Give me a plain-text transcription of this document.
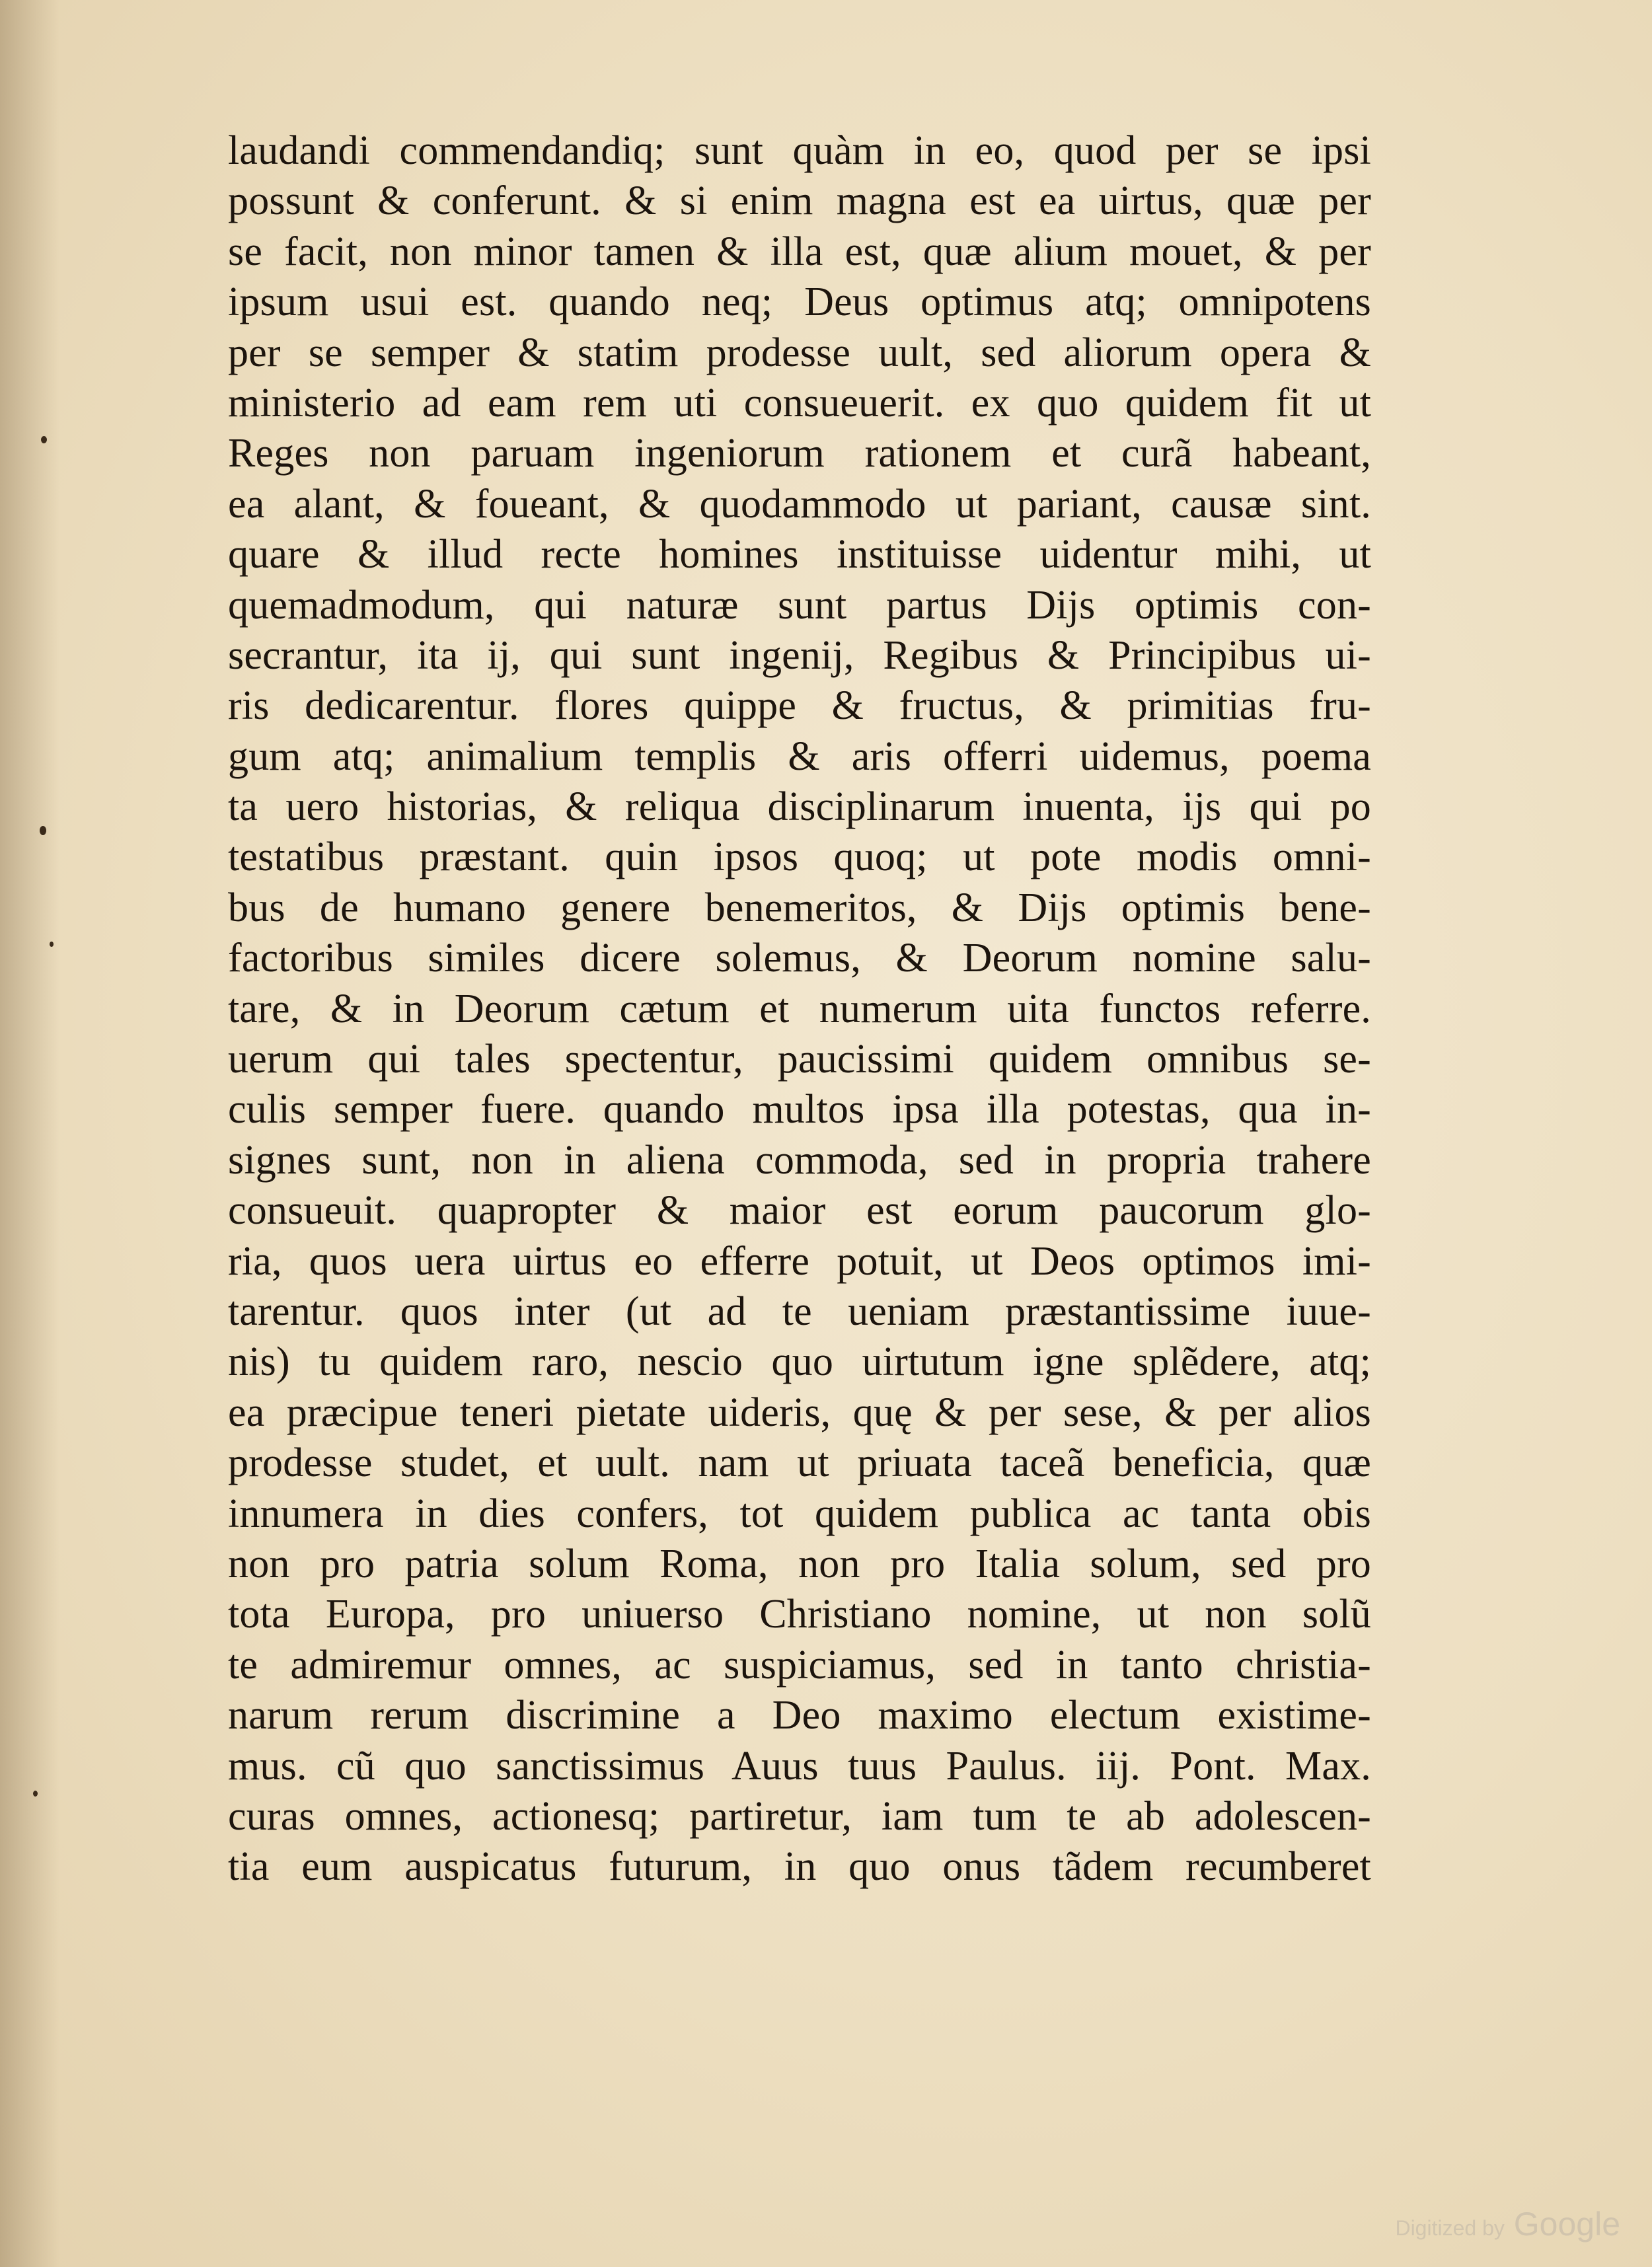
laudandi commendandiq; sunt quàm in eo, quod per se ipsi
possunt & conferunt. & si enim magna est ea uirtus, quæ per
se facit, non minor tamen & illa est, quæ alium mouet, & per
ipsum usui est. quando neq; Deus optimus atq; omnipotens
per se semper & statim prodesse uult, sed aliorum opera &
ministerio ad eam rem uti consueuerit. ex quo quidem fit ut
Reges non paruam ingeniorum rationem et curã habeant,
ea alant, & foueant, & quodammodo ut pariant, causæ sint.
quare & illud recte homines instituisse uidentur mihi, ut
quemadmodum, qui naturæ sunt partus Dijs optimis con-
secrantur, ita ij, qui sunt ingenij, Regibus & Principibus ui-
ris dedicarentur. flores quippe & fructus, & primitias fru-
gum atq; animalium templis & aris offerri uidemus, poema
ta uero historias, & reliqua disciplinarum inuenta, ijs qui po
testatibus præstant. quin ipsos quoq; ut pote modis omni-
bus de humano genere benemeritos, & Dijs optimis bene-
factoribus similes dicere solemus, & Deorum nomine salu-
tare, & in Deorum cætum et numerum uita functos referre.
uerum qui tales spectentur, paucissimi quidem omnibus se-
culis semper fuere. quando multos ipsa illa potestas, qua in-
signes sunt, non in aliena commoda, sed in propria trahere
consueuit. quapropter & maior est eorum paucorum glo-
ria, quos uera uirtus eo efferre potuit, ut Deos optimos imi-
tarentur. quos inter (ut ad te ueniam præstantissime iuue-
nis) tu quidem raro, nescio quo uirtutum igne splẽdere, atq;
ea præcipue teneri pietate uideris, quę & per sese, & per alios
prodesse studet, et uult. nam ut priuata taceã beneficia, quæ
innumera in dies confers, tot quidem publica ac tanta obis
non pro patria solum Roma, non pro Italia solum, sed pro
tota Europa, pro uniuerso Christiano nomine, ut non solũ
te admiremur omnes, ac suspiciamus, sed in tanto christia-
narum rerum discrimine a Deo maximo electum existime-
mus. cũ quo sanctissimus Auus tuus Paulus. iij. Pont. Max.
curas omnes, actionesq; partiretur, iam tum te ab adolescen-
tia eum auspicatus futurum, in quo onus tãdem recumberet
Digitized by Google
